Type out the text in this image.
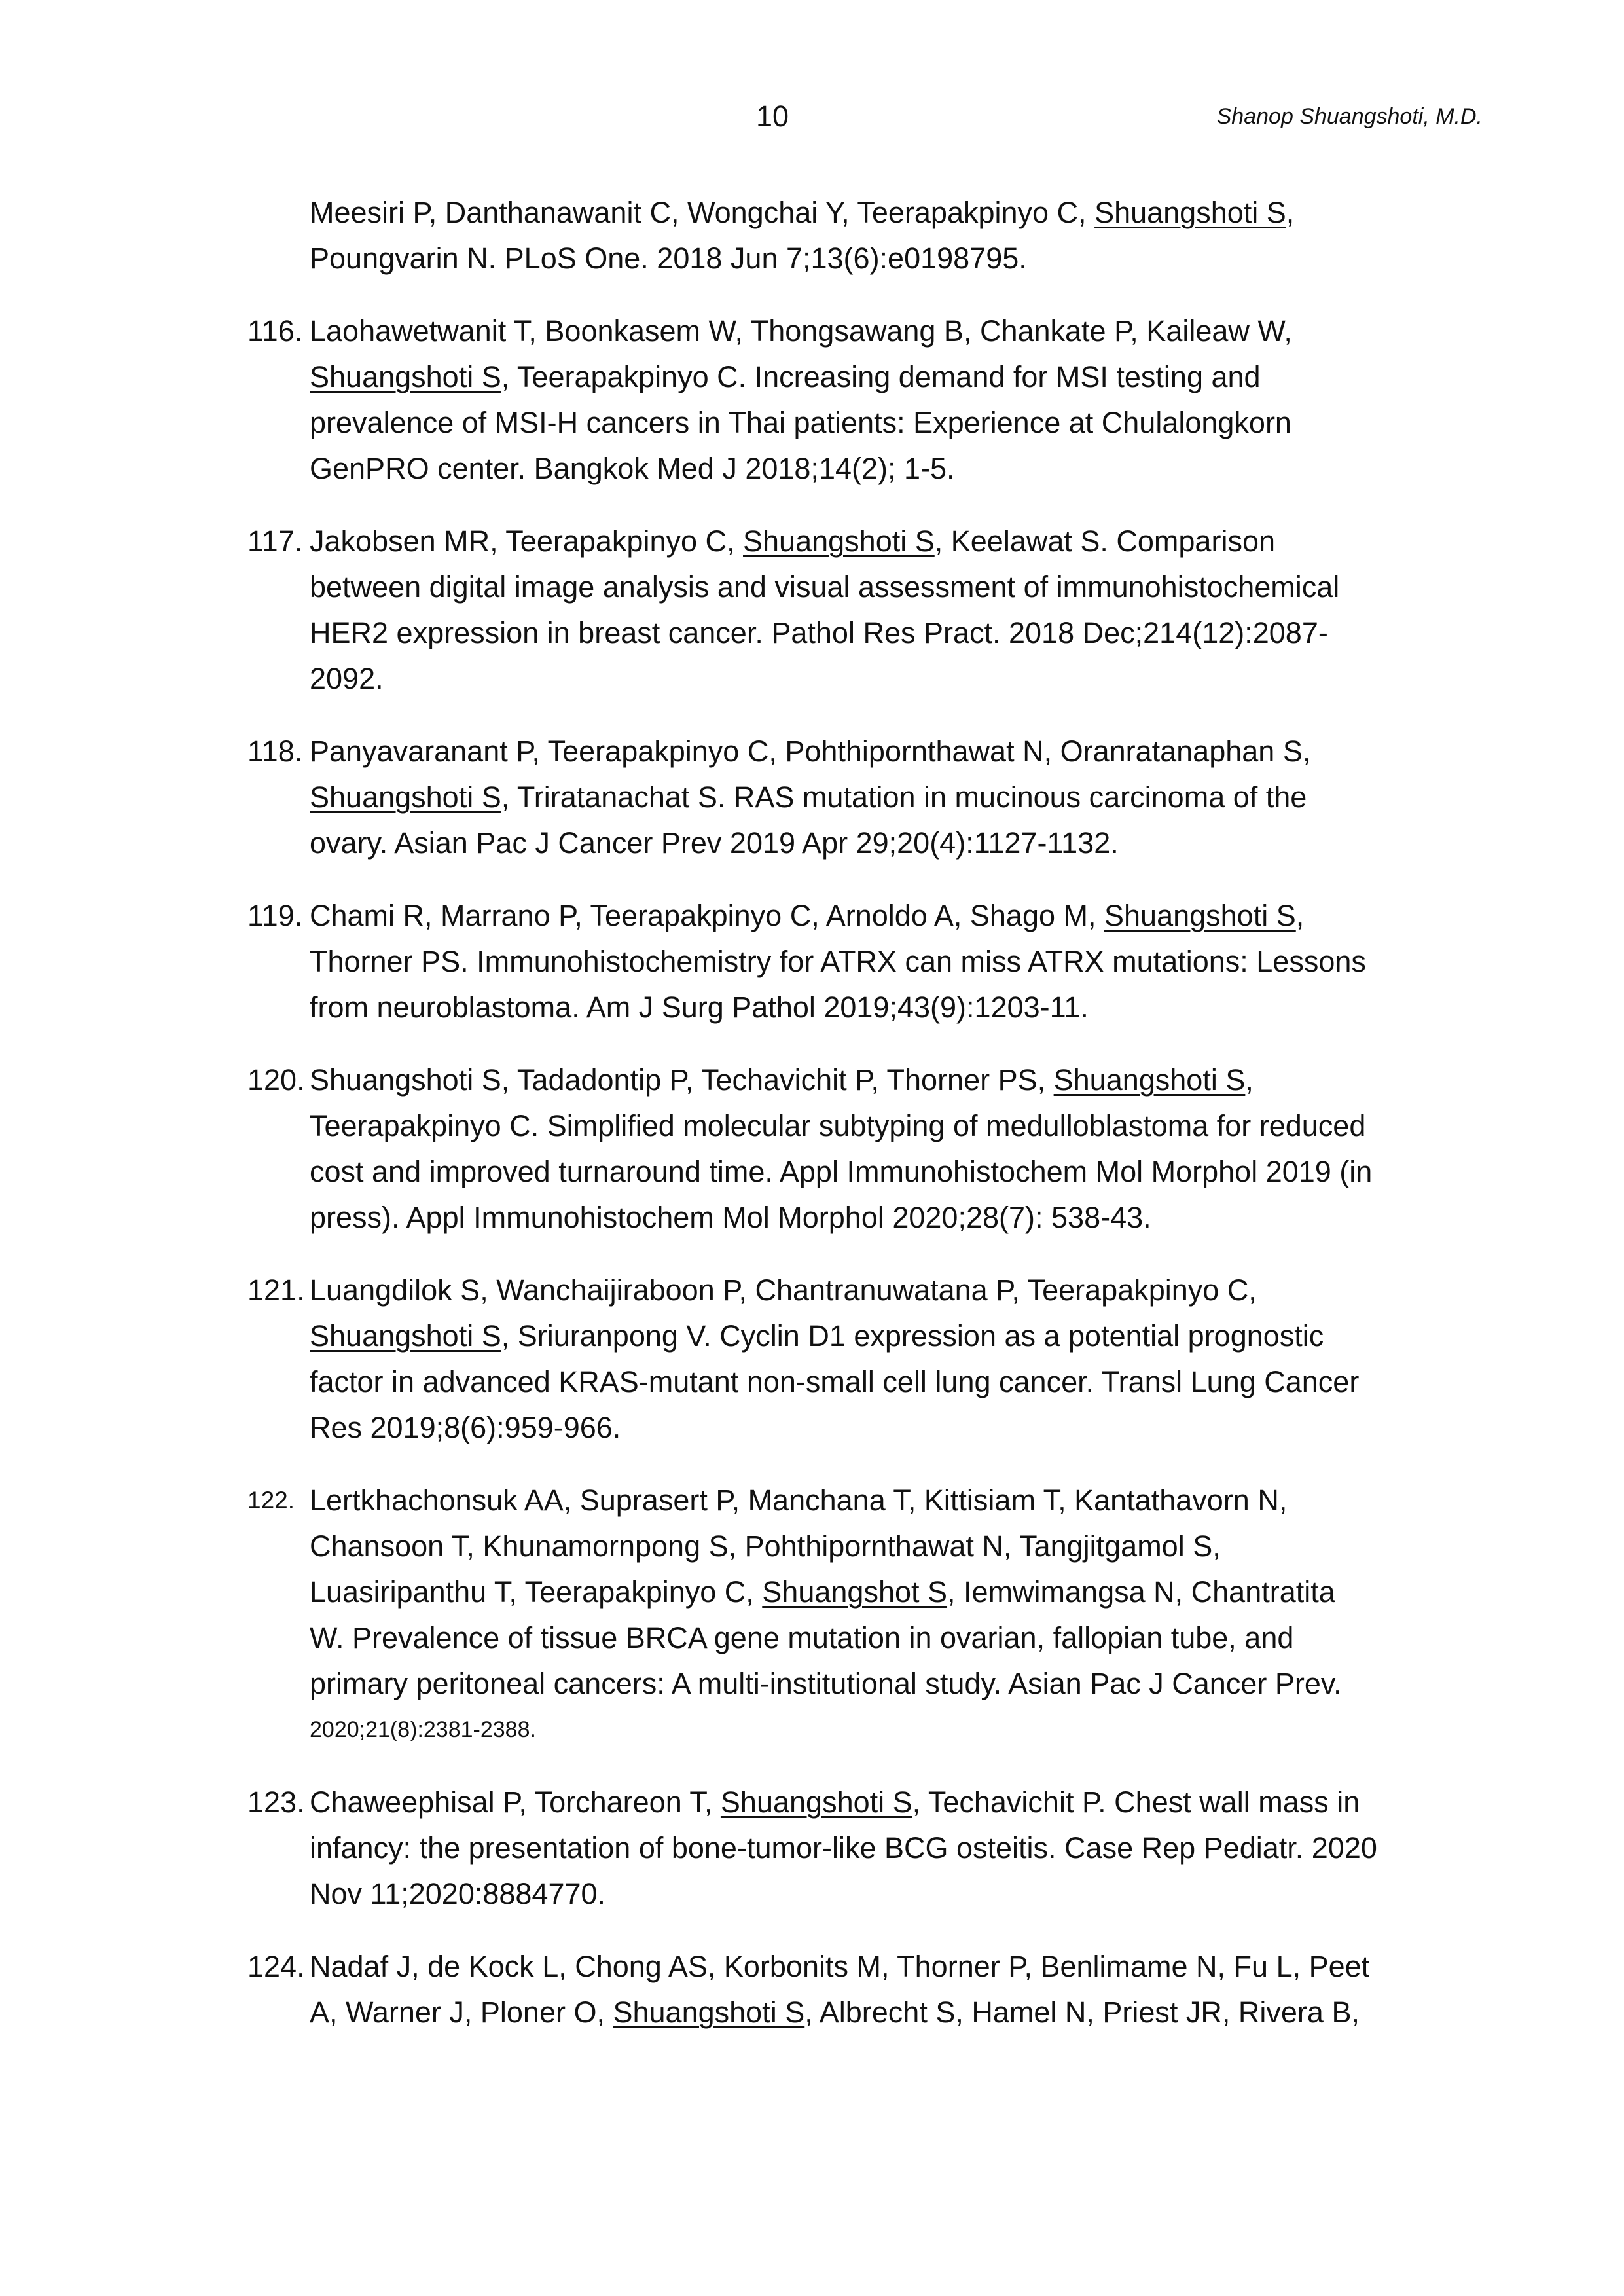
10	Shanop Shuangshoti, M.D.
Meesiri P, Danthanawanit C, Wongchai Y, Teerapakpinyo C, Shuangshoti S,
Poungvarin N. PLoS One. 2018 Jun 7;13(6):e0198795.
116. Laohawetwanit T, Boonkasem W, Thongsawang B, Chankate P, Kaileaw W,
Shuangshoti S, Teerapakpinyo C. Increasing demand for MSI testing and
prevalence of MSI-H cancers in Thai patients: Experience at Chulalongkorn
GenPRO center. Bangkok Med J 2018;14(2); 1-5.
117. Jakobsen MR, Teerapakpinyo C, Shuangshoti S, Keelawat S. Comparison
between digital image analysis and visual assessment of immunohistochemical
HER2 expression in breast cancer. Pathol Res Pract. 2018 Dec;214(12):2087-
2092.
118. Panyavaranant P, Teerapakpinyo C, Pohthipornthawat N, Oranratanaphan S,
Shuangshoti S, Triratanachat S. RAS mutation in mucinous carcinoma of the
ovary. Asian Pac J Cancer Prev 2019 Apr 29;20(4):1127-1132.
119. Chami R, Marrano P, Teerapakpinyo C, Arnoldo A, Shago M, Shuangshoti S,
Thorner PS. Immunohistochemistry for ATRX can miss ATRX mutations: Lessons
from neuroblastoma. Am J Surg Pathol 2019;43(9):1203-11.
120. Shuangshoti S, Tadadontip P, Techavichit P, Thorner PS, Shuangshoti S,
Teerapakpinyo C. Simplified molecular subtyping of medulloblastoma for reduced
cost and improved turnaround time. Appl Immunohistochem Mol Morphol 2019 (in
press). Appl Immunohistochem Mol Morphol 2020;28(7): 538-43.
121. Luangdilok S, Wanchaijiraboon P, Chantranuwatana P, Teerapakpinyo C,
Shuangshoti S, Sriuranpong V. Cyclin D1 expression as a potential prognostic
factor in advanced KRAS-mutant non-small cell lung cancer. Transl Lung Cancer
Res 2019;8(6):959-966.
122. Lertkhachonsuk AA, Suprasert P, Manchana T, Kittisiam T, Kantathavorn N,
Chansoon T, Khunamornpong S, Pohthipornthawat N, Tangjitgamol S,
Luasiripanthu T, Teerapakpinyo C, Shuangshot S, Iemwimangsa N, Chantratita
W. Prevalence of tissue BRCA gene mutation in ovarian, fallopian tube, and
primary peritoneal cancers: A multi-institutional study. Asian Pac J Cancer Prev.
2020;21(8):2381-2388.
123. Chaweephisal P, Torchareon T, Shuangshoti S, Techavichit P. Chest wall mass in
infancy: the presentation of bone-tumor-like BCG osteitis. Case Rep Pediatr. 2020
Nov 11;2020:8884770.
124. Nadaf J, de Kock L, Chong AS, Korbonits M, Thorner P, Benlimame N, Fu L, Peet
A, Warner J, Ploner O, Shuangshoti S, Albrecht S, Hamel N, Priest JR, Rivera B,
